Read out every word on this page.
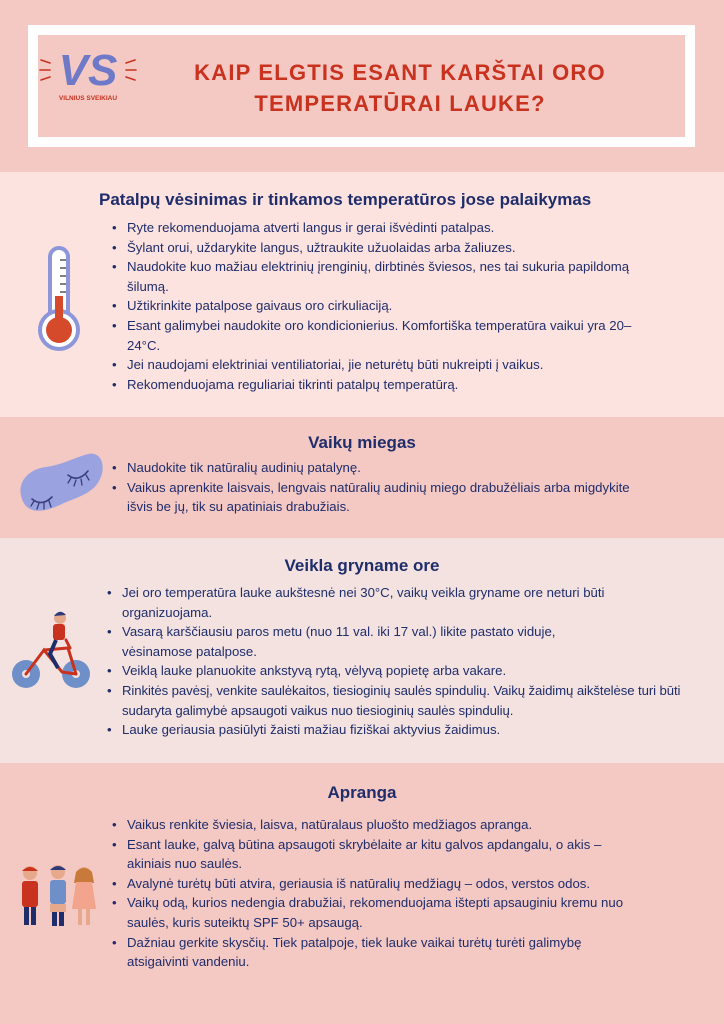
VS
VILNIUS SVEIKIAU
KAIP ELGTIS ESANT KARŠTAI ORO
TEMPERATŪRAI LAUKE?
Patalpų vėsinimas ir tinkamos temperatūros jose palaikymas
• Ryte rekomenduojama atverti langus ir gerai išvėdinti patalpas.
• Šylant orui, uždarykite langus, užtraukite užuolaidas arba žaliuzes.
• Naudokite kuo mažiau elektrinių įrenginių, dirbtinės šviesos, nes tai sukuria papildomą šilumą.
• Užtikrinkite patalpose gaivaus oro cirkuliaciją.
• Esant galimybei naudokite oro kondicionierius. Komfortiška temperatūra vaikui yra 20–24°C.
• Jei naudojami elektriniai ventiliatoriai, jie neturėtų būti nukreipti į vaikus.
• Rekomenduojama reguliariai tikrinti patalpų temperatūrą.
Vaikų miegas
• Naudokite tik natūralių audinių patalynę.
• Vaikus aprenkite laisvais, lengvais natūralių audinių miego drabužėliais arba migdykite išvis be jų, tik su apatiniais drabužiais.
Veikla gryname ore
• Jei oro temperatūra lauke aukštesnė nei 30°C, vaikų veikla gryname ore neturi būti organizuojama.
• Vasarą karščiausiu paros metu (nuo 11 val. iki 17 val.) likite pastato viduje, vėsinamose patalpose.
• Veiklą lauke planuokite ankstyvą rytą, vėlyvą popietę arba vakare.
• Rinkitės pavėsį, venkite saulėkaitos, tiesioginių saulės spindulių. Vaikų žaidimų aikštelėse turi būti sudaryta galimybė apsaugoti vaikus nuo tiesioginių saulės spindulių.
• Lauke geriausia pasiūlyti žaisti mažiau fiziškai aktyvius žaidimus.
Apranga
• Vaikus renkite šviesia, laisva, natūralaus pluošto medžiagos apranga.
• Esant lauke, galvą būtina apsaugoti skrybėlaite ar kitu galvos apdangalu, o akis – akiniais nuo saulės.
• Avalynė turėtų būti atvira, geriausia iš natūralių medžiagų – odos, verstos odos.
• Vaikų odą, kurios nedengia drabužiai, rekomenduojama ištepti apsauginiu kremu nuo saulės, kuris suteiktų SPF 50+ apsaugą.
• Dažniau gerkite skysčių. Tiek patalpoje, tiek lauke vaikai turėtų turėti galimybę atsigaivinti vandeniu.
